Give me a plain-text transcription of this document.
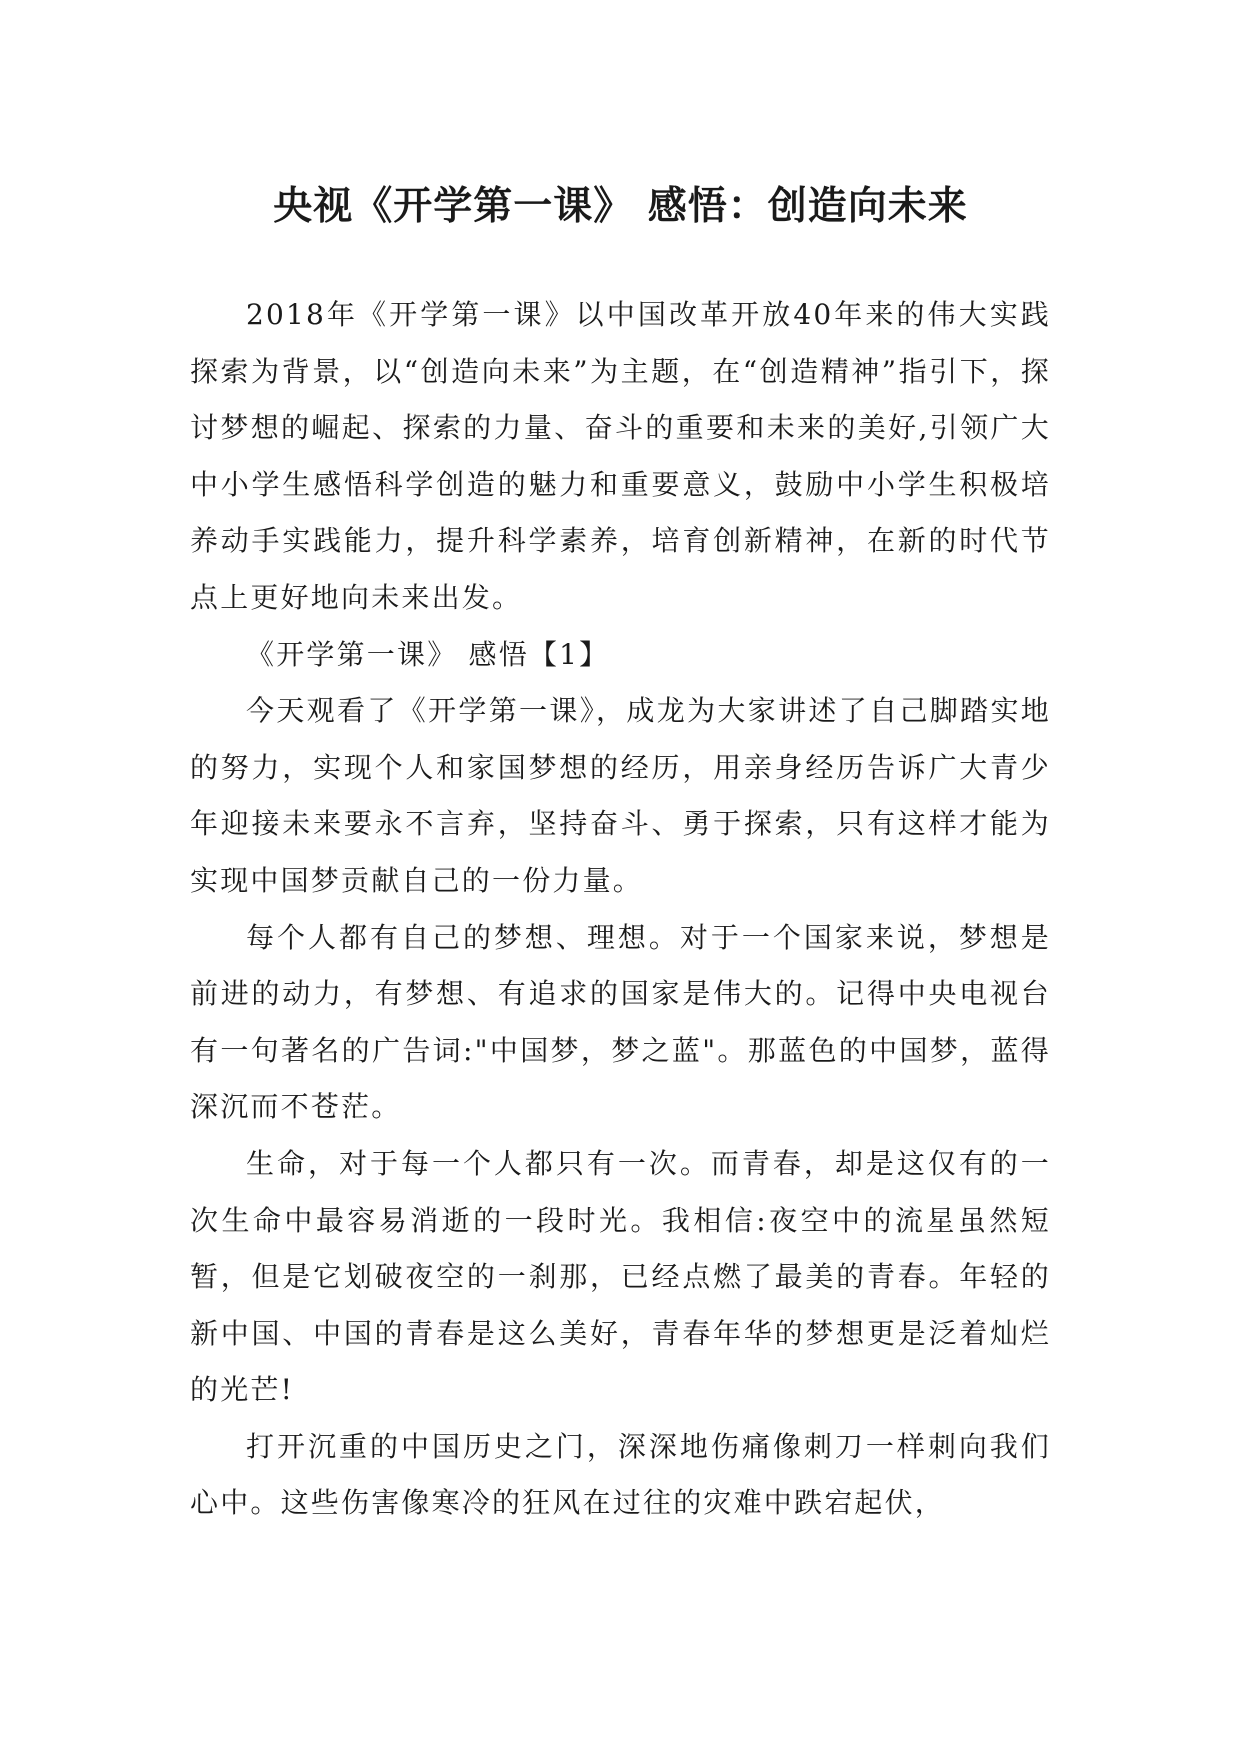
央视《开学第一课》 感悟：创造向未来

2018年《开学第一课》以中国改革开放40年来的伟大实践探索为背景，以“创造向未来”为主题，在“创造精神”指引下，探讨梦想的崛起、探索的力量、奋斗的重要和未来的美好,引领广大中小学生感悟科学创造的魅力和重要意义，鼓励中小学生积极培养动手实践能力，提升科学素养，培育创新精神，在新的时代节点上更好地向未来出发。

《开学第一课》 感悟【1】

今天观看了《开学第一课》，成龙为大家讲述了自己脚踏实地的努力，实现个人和家国梦想的经历，用亲身经历告诉广大青少年迎接未来要永不言弃，坚持奋斗、勇于探索，只有这样才能为实现中国梦贡献自己的一份力量。

每个人都有自己的梦想、理想。对于一个国家来说，梦想是前进的动力，有梦想、有追求的国家是伟大的。记得中央电视台有一句著名的广告词:"中国梦，梦之蓝"。那蓝色的中国梦，蓝得深沉而不苍茫。

生命，对于每一个人都只有一次。而青春，却是这仅有的一次生命中最容易消逝的一段时光。我相信:夜空中的流星虽然短暂，但是它划破夜空的一刹那，已经点燃了最美的青春。年轻的新中国、中国的青春是这么美好，青春年华的梦想更是泛着灿烂的光芒!

打开沉重的中国历史之门，深深地伤痛像刺刀一样刺向我们心中。这些伤害像寒冷的狂风在过往的灾难中跌宕起伏，
